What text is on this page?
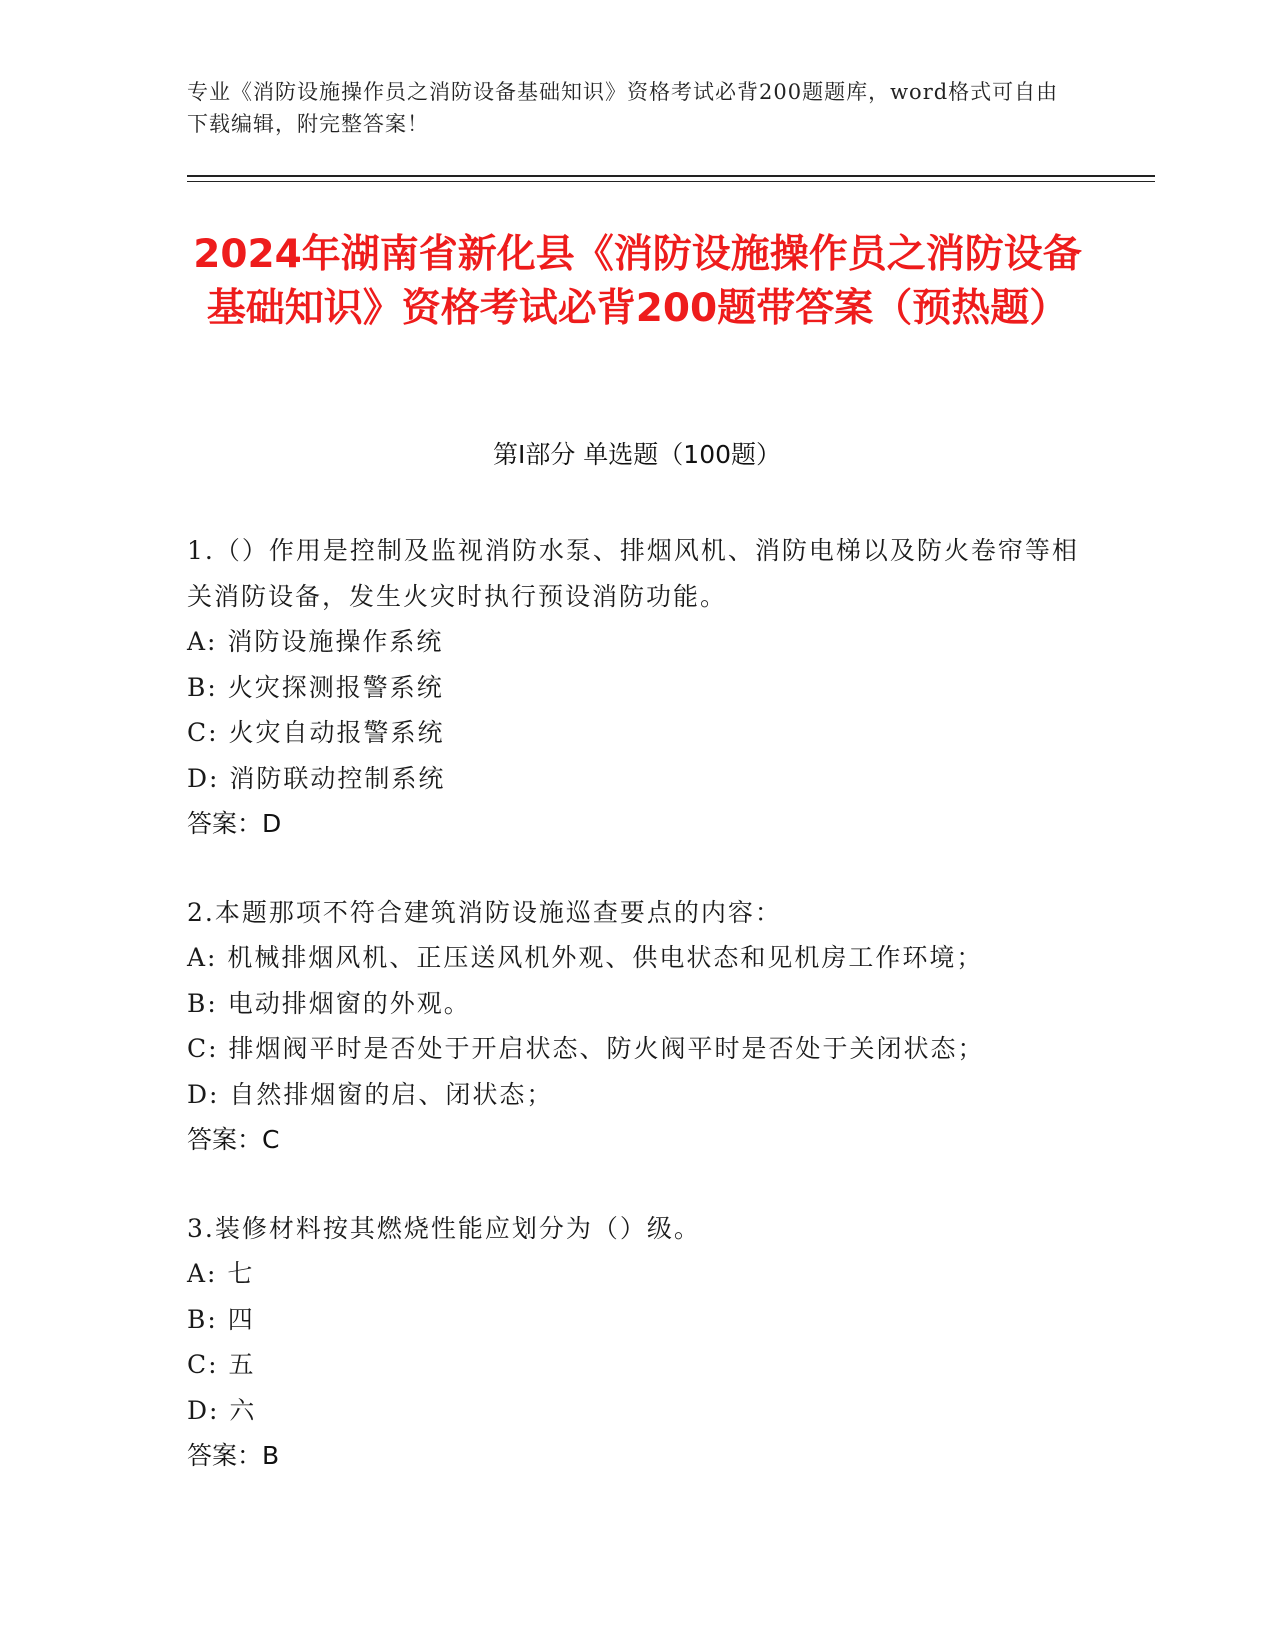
专业《消防设施操作员之消防设备基础知识》资格考试必背200题题库，word格式可自由下载编辑，附完整答案！
2024年湖南省新化县《消防设施操作员之消防设备基础知识》资格考试必背200题带答案（预热题）
第I部分 单选题（100题）
1.（）作用是控制及监视消防水泵、排烟风机、消防电梯以及防火卷帘等相关消防设备，发生火灾时执行预设消防功能。
A: 消防设施操作系统
B: 火灾探测报警系统
C: 火灾自动报警系统
D: 消防联动控制系统
答案：D
2.本题那项不符合建筑消防设施巡查要点的内容：
A: 机械排烟风机、正压送风机外观、供电状态和见机房工作环境；
B: 电动排烟窗的外观。
C: 排烟阀平时是否处于开启状态、防火阀平时是否处于关闭状态；
D: 自然排烟窗的启、闭状态；
答案：C
3.装修材料按其燃烧性能应划分为（）级。
A: 七
B: 四
C: 五
D: 六
答案：B
